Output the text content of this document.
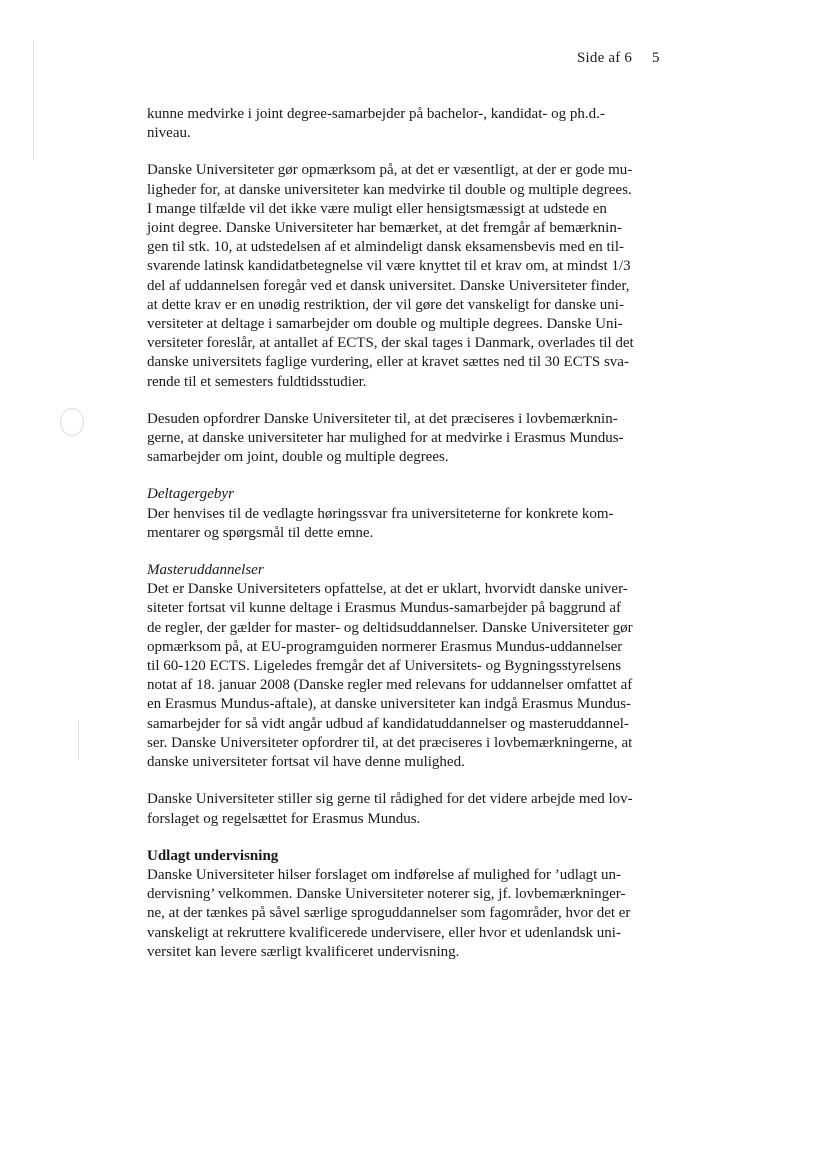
Side af 6 5
kunne medvirke i joint degree-samarbejder på bachelor-, kandidat- og ph.d.-
niveau.
Danske Universiteter gør opmærksom på, at det er væsentligt, at der er gode mu-
ligheder for, at danske universiteter kan medvirke til double og multiple degrees.
I mange tilfælde vil det ikke være muligt eller hensigtsmæssigt at udstede en
joint degree. Danske Universiteter har bemærket, at det fremgår af bemærknin-
gen til stk. 10, at udstedelsen af et almindeligt dansk eksamensbevis med en til-
svarende latinsk kandidatbetegnelse vil være knyttet til et krav om, at mindst 1/3
del af uddannelsen foregår ved et dansk universitet. Danske Universiteter finder,
at dette krav er en unødig restriktion, der vil gøre det vanskeligt for danske uni-
versiteter at deltage i samarbejder om double og multiple degrees. Danske Uni-
versiteter foreslår, at antallet af ECTS, der skal tages i Danmark, overlades til det
danske universitets faglige vurdering, eller at kravet sættes ned til 30 ECTS sva-
rende til et semesters fuldtidsstudier.
Desuden opfordrer Danske Universiteter til, at det præciseres i lovbemærknin-
gerne, at danske universiteter har mulighed for at medvirke i Erasmus Mundus-
samarbejder om joint, double og multiple degrees.
Deltagergebyr
Der henvises til de vedlagte høringssvar fra universiteterne for konkrete kom-
mentarer og spørgsmål til dette emne.
Masteruddannelser
Det er Danske Universiteters opfattelse, at det er uklart, hvorvidt danske univer-
siteter fortsat vil kunne deltage i Erasmus Mundus-samarbejder på baggrund af
de regler, der gælder for master- og deltidsuddannelser. Danske Universiteter gør
opmærksom på, at EU-programguiden normerer Erasmus Mundus-uddannelser
til 60-120 ECTS. Ligeledes fremgår det af Universitets- og Bygningsstyrelsens
notat af 18. januar 2008 (Danske regler med relevans for uddannelser omfattet af
en Erasmus Mundus-aftale), at danske universiteter kan indgå Erasmus Mundus-
samarbejder for så vidt angår udbud af kandidatuddannelser og masteruddannel-
ser. Danske Universiteter opfordrer til, at det præciseres i lovbemærkningerne, at
danske universiteter fortsat vil have denne mulighed.
Danske Universiteter stiller sig gerne til rådighed for det videre arbejde med lov-
forslaget og regelsættet for Erasmus Mundus.
Udlagt undervisning
Danske Universiteter hilser forslaget om indførelse af mulighed for ’udlagt un-
dervisning’ velkommen. Danske Universiteter noterer sig, jf. lovbemærkninger-
ne, at der tænkes på såvel særlige sproguddannelser som fagområder, hvor det er
vanskeligt at rekruttere kvalificerede undervisere, eller hvor et udenlandsk uni-
versitet kan levere særligt kvalificeret undervisning.
